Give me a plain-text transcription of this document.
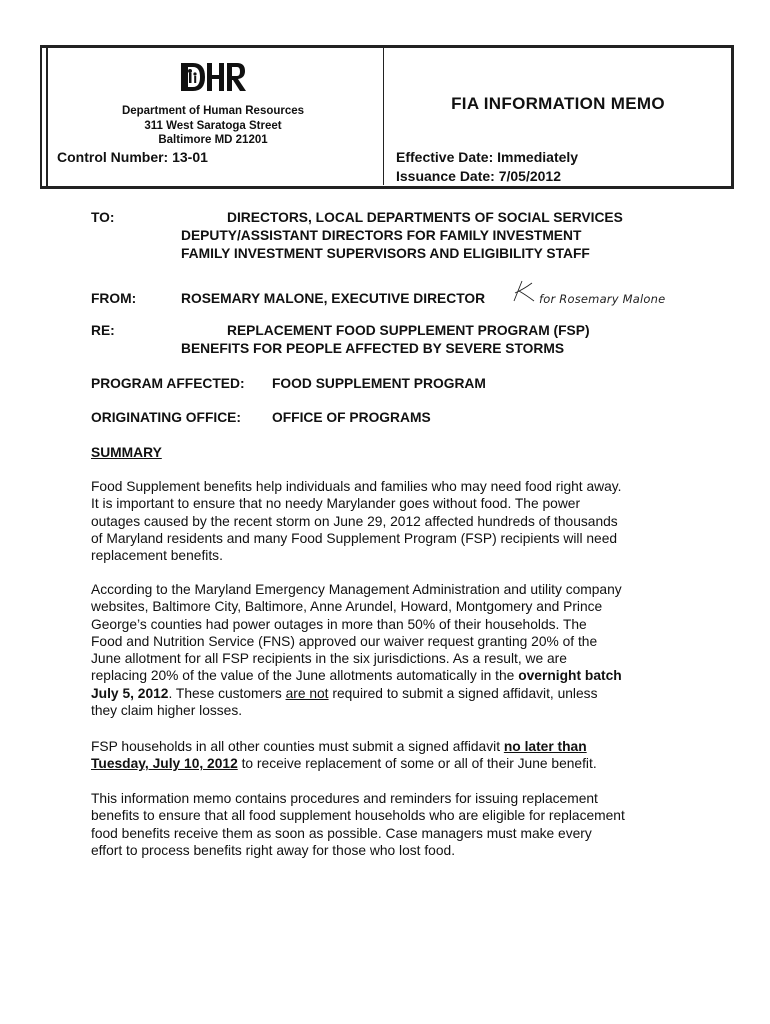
Department of Human Resources
311 West Saratoga Street
Baltimore MD 21201
Control Number: 13-01
FIA INFORMATION MEMO
Effective Date: Immediately
Issuance Date: 7/05/2012
TO:	DIRECTORS, LOCAL DEPARTMENTS OF SOCIAL SERVICES
DEPUTY/ASSISTANT DIRECTORS FOR FAMILY INVESTMENT
FAMILY INVESTMENT SUPERVISORS AND ELIGIBILITY STAFF
FROM:	ROSEMARY MALONE, EXECUTIVE DIRECTOR	for Rosemary Malone
RE:	REPLACEMENT FOOD SUPPLEMENT PROGRAM (FSP)
BENEFITS FOR PEOPLE AFFECTED BY SEVERE STORMS
PROGRAM AFFECTED: FOOD SUPPLEMENT PROGRAM
ORIGINATING OFFICE: OFFICE OF PROGRAMS
SUMMARY
Food Supplement benefits help individuals and families who may need food right away.
It is important to ensure that no needy Marylander goes without food. The power
outages caused by the recent storm on June 29, 2012 affected hundreds of thousands
of Maryland residents and many Food Supplement Program (FSP) recipients will need
replacement benefits.
According to the Maryland Emergency Management Administration and utility company
websites, Baltimore City, Baltimore, Anne Arundel, Howard, Montgomery and Prince
George’s counties had power outages in more than 50% of their households. The
Food and Nutrition Service (FNS) approved our waiver request granting 20% of the
June allotment for all FSP recipients in the six jurisdictions. As a result, we are
replacing 20% of the value of the June allotments automatically in the overnight batch
July 5, 2012. These customers are not required to submit a signed affidavit, unless
they claim higher losses.
FSP households in all other counties must submit a signed affidavit no later than
Tuesday, July 10, 2012 to receive replacement of some or all of their June benefit.
This information memo contains procedures and reminders for issuing replacement
benefits to ensure that all food supplement households who are eligible for replacement
food benefits receive them as soon as possible. Case managers must make every
effort to process benefits right away for those who lost food.
